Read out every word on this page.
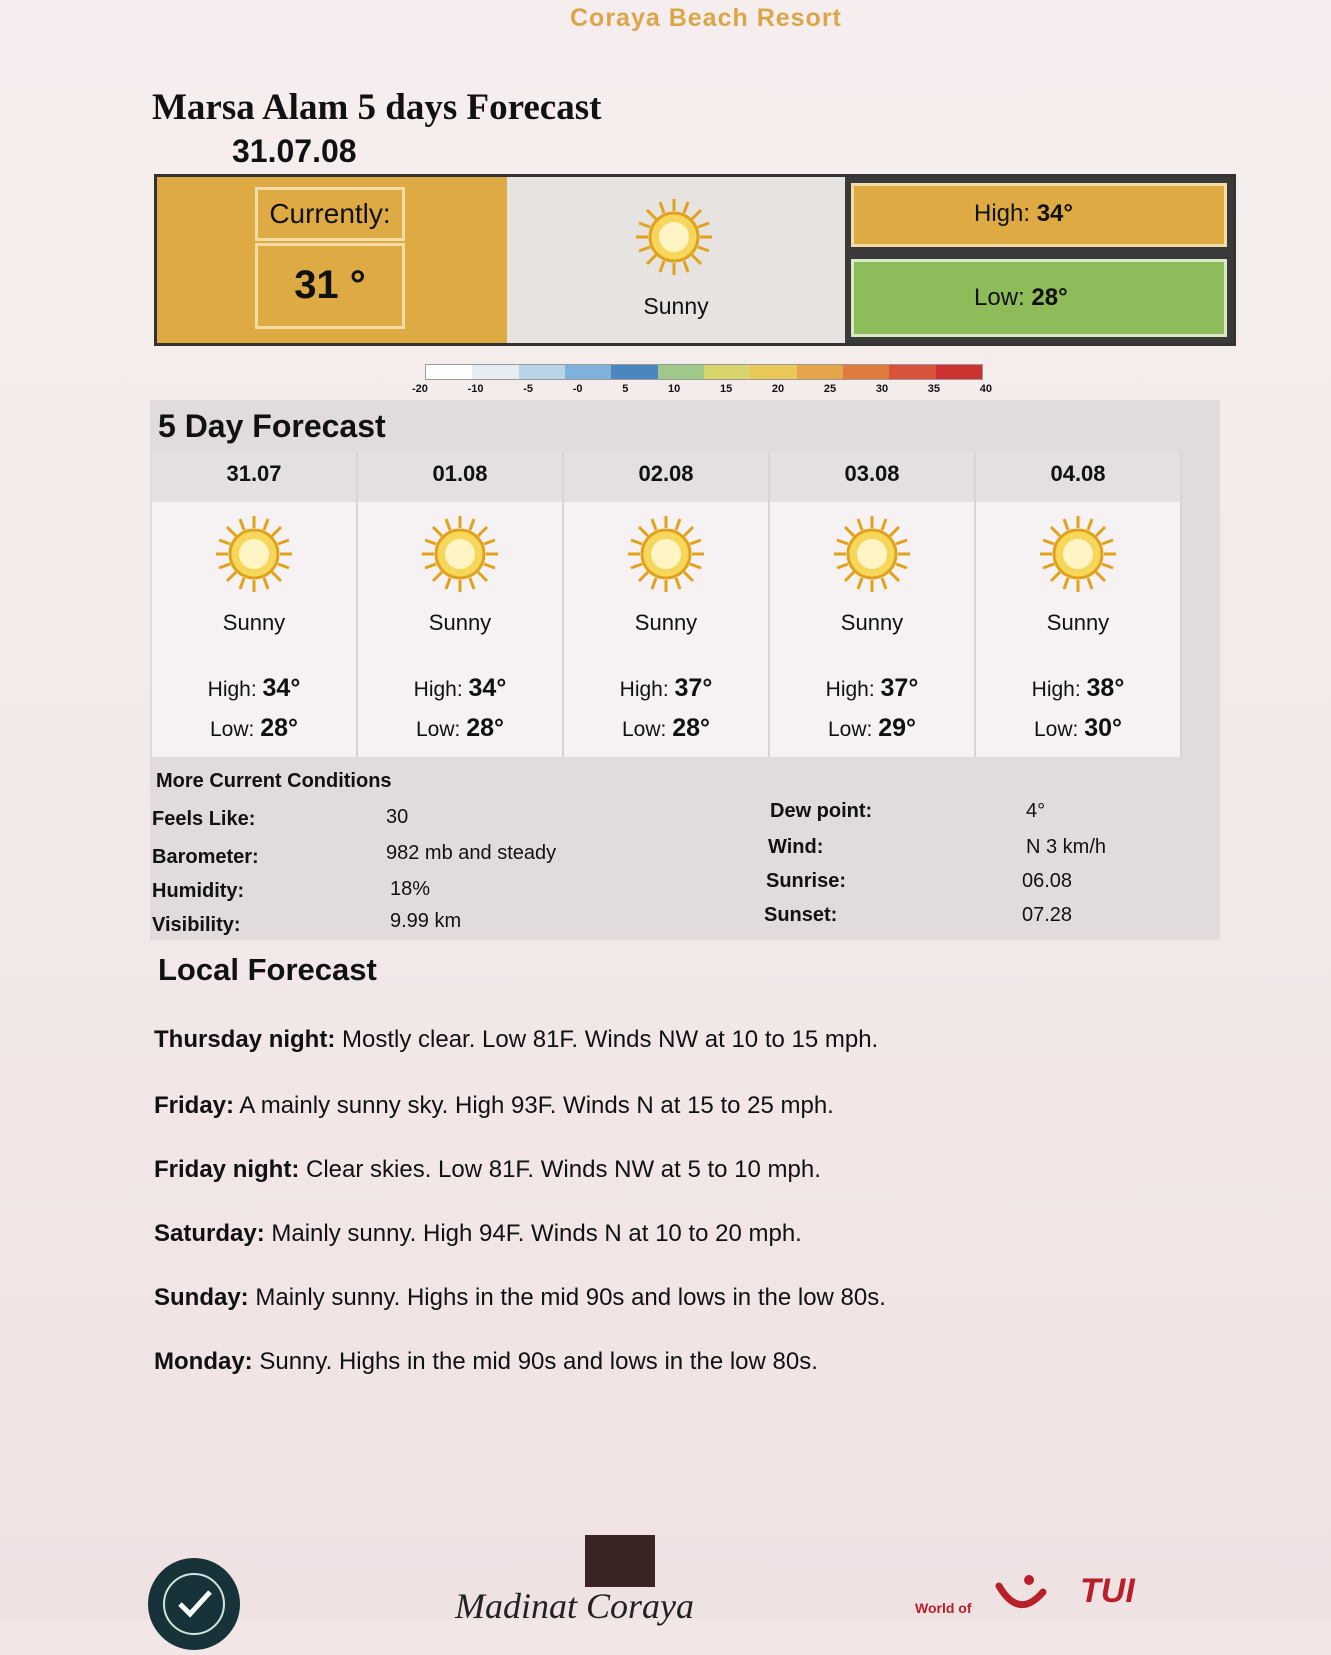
Coraya Beach Resort
Marsa Alam 5 days Forecast
31.07.08
Currently:
31 °	Sunny
High: 34°
Low: 28°
-20	-10	-5	-0	5	10	15	20	25	30	35	40
5 Day Forecast
31.07
Sunny
High: 34°
Low: 28°
01.08
Sunny
High: 34°
Low: 28°
02.08
Sunny
High: 37°
Low: 28°
03.08
Sunny
High: 37°
Low: 29°
04.08
Sunny
High: 38°
Low: 30°
More Current Conditions
Feels Like:	30
Barometer:	982 mb and steady
Humidity:	18%
Visibility:	9.99 km
Dew point:	4°
Wind:	N 3 km/h
Sunrise:	06.08
Sunset:	07.28
Local Forecast
Thursday night: Mostly clear. Low 81F. Winds NW at 10 to 15 mph.
Friday: A mainly sunny sky. High 93F. Winds N at 15 to 25 mph.
Friday night: Clear skies. Low 81F. Winds NW at 5 to 10 mph.
Saturday: Mainly sunny. High 94F. Winds N at 10 to 20 mph.
Sunday: Mainly sunny. Highs in the mid 90s and lows in the low 80s.
Monday: Sunny. Highs in the mid 90s and lows in the low 80s.
Madinat Coraya	World of	TUI
